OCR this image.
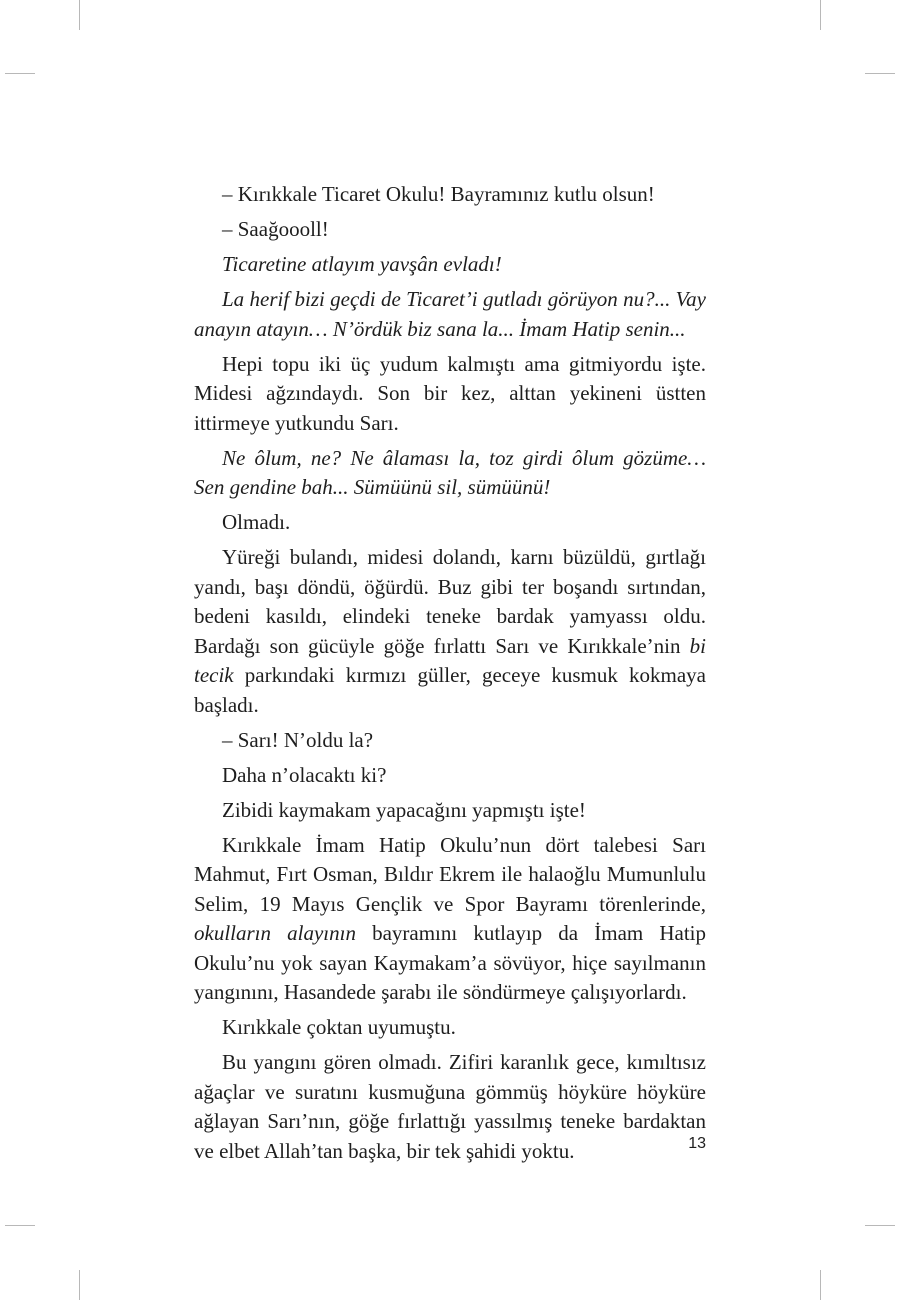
– Kırıkkale Ticaret Okulu! Bayramınız kutlu olsun!

– Saağoooll!

Ticaretine atlayım yavşân evladı!

La herif bizi geçdi de Ticaret’i gutladı görüyon nu?... Vay anayın atayın… N’ördük biz sana la... İmam Hatip senin...

Hepi topu iki üç yudum kalmıştı ama gitmiyordu işte. Midesi ağzındaydı. Son bir kez, alttan yekineni üstten ittirmeye yutkundu Sarı.

Ne ôlum, ne? Ne âlaması la, toz girdi ôlum gözüme… Sen gendine bah... Sümüünü sil, sümüünü!

Olmadı.

Yüreği bulandı, midesi dolandı, karnı büzüldü, gırtlağı yandı, başı döndü, öğürdü. Buz gibi ter boşandı sırtından, bedeni kasıldı, elindeki teneke bardak yamyassı oldu. Bardağı son gücüyle göğe fırlattı Sarı ve Kırıkkale’nin bi tecik parkındaki kırmızı güller, geceye kusmuk kokmaya başladı.

– Sarı! N’oldu la?

Daha n’olacaktı ki?

Zibidi kaymakam yapacağını yapmıştı işte!

Kırıkkale İmam Hatip Okulu’nun dört talebesi Sarı Mahmut, Fırt Osman, Bıldır Ekrem ile halaoğlu Mumunlulu Selim, 19 Mayıs Gençlik ve Spor Bayramı törenlerinde, okulların alayının bayramını kutlayıp da İmam Hatip Okulu’nu yok sayan Kaymakam’a sövüyor, hiçe sayılmanın yangınını, Hasandede şarabı ile söndürmeye çalışıyorlardı.

Kırıkkale çoktan uyumuştu.

Bu yangını gören olmadı. Zifiri karanlık gece, kımıltısız ağaçlar ve suratını kusmuğuna gömmüş höyküre höyküre ağlayan Sarı’nın, göğe fırlattığı yassılmış teneke bardaktan ve elbet Allah’tan başka, bir tek şahidi yoktu.	13
